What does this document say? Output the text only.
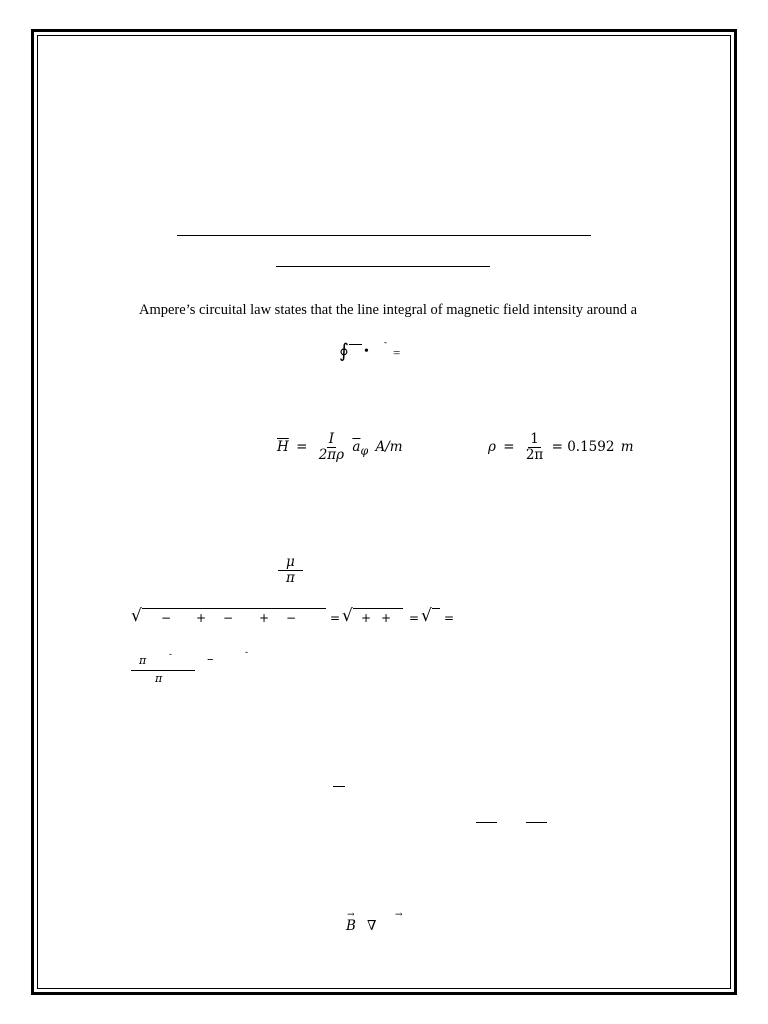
Ampere’s circuital law states that the line integral of magnetic field intensity around a
∮ •
-
=
$\overline{H} = \frac{I}{2\pi\rho} \overline{a}_\varphi$ A/m	$\rho = \frac{1}{2\pi} = 0.1592$ m
$\frac{\mu}{\pi}$
√ − + − + −	= √ + + = √ =
π	-
π
–	-
→
B ∇
→
